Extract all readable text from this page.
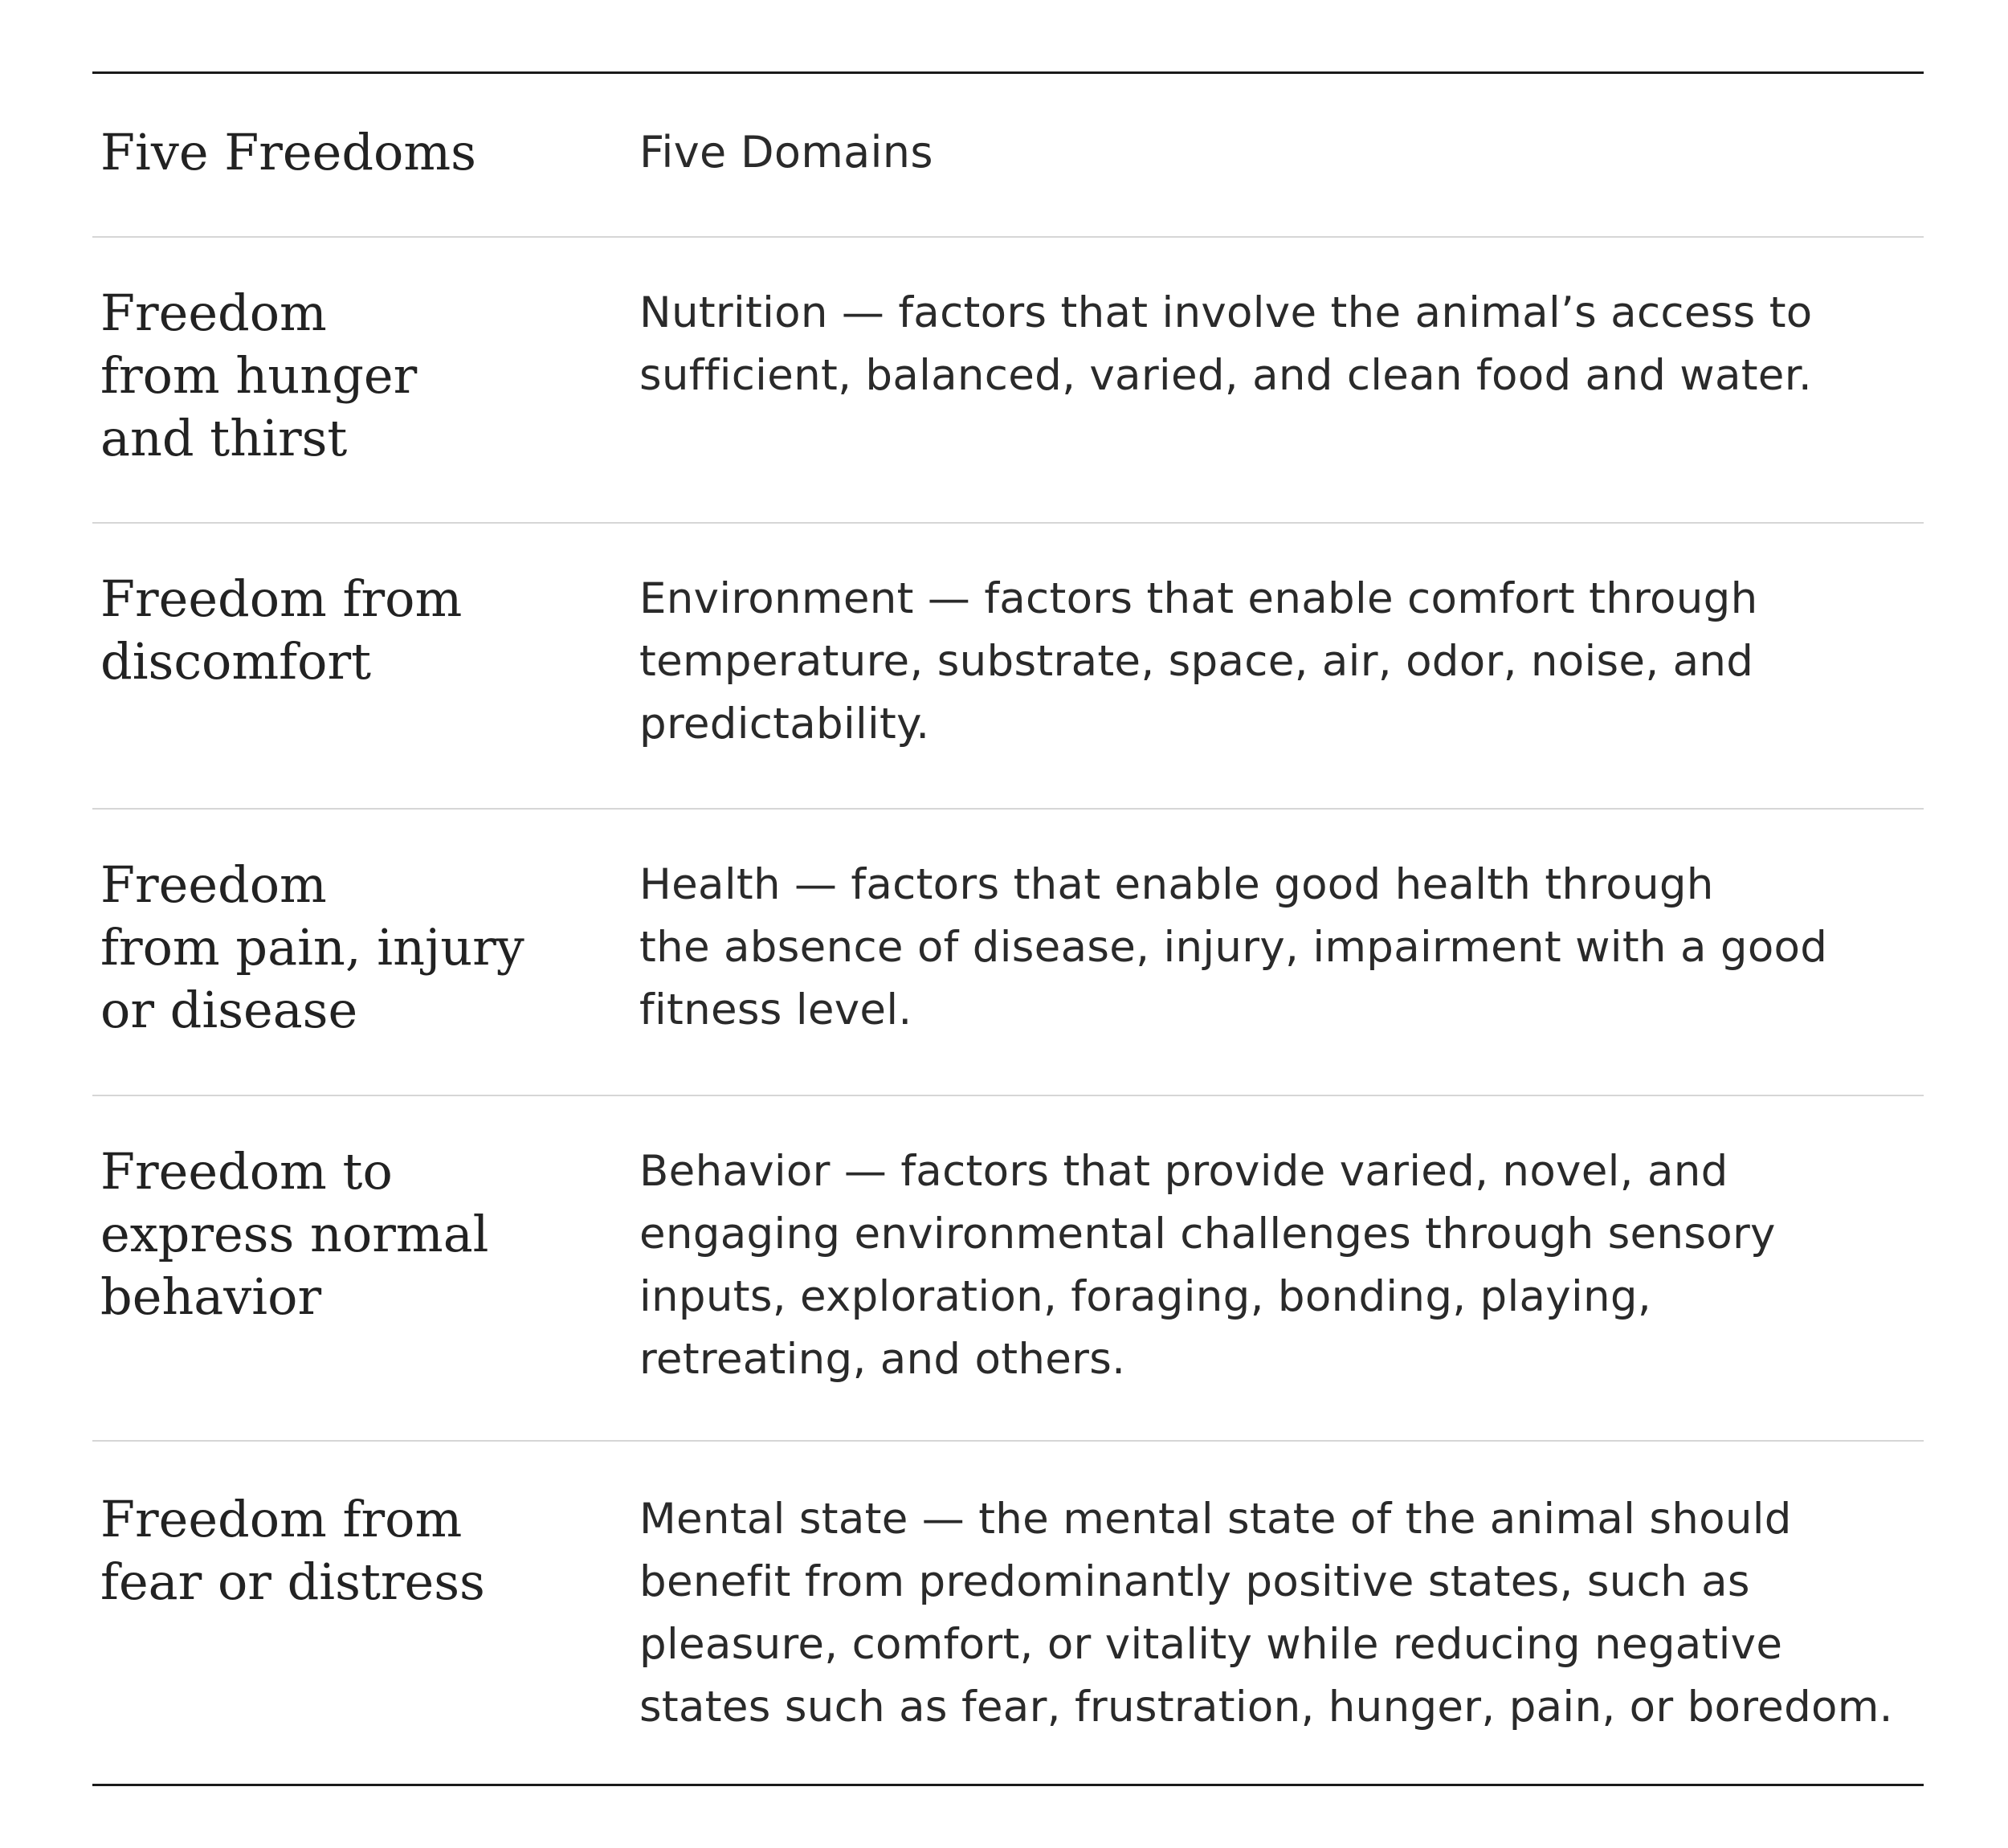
Five Freedoms	Five Domains
Freedom
from hunger
and thirst
Nutrition — factors that involve the animal’s access to
sufficient, balanced, varied, and clean food and water.
Freedom from
discomfort
Environment — factors that enable comfort through
temperature, substrate, space, air, odor, noise, and
predictability.
Freedom
from pain, injury
or disease
Health — factors that enable good health through
the absence of disease, injury, impairment with a good
fitness level.
Freedom to
express normal
behavior
Behavior — factors that provide varied, novel, and
engaging environmental challenges through sensory
inputs, exploration, foraging, bonding, playing,
retreating, and others.
Freedom from
fear or distress
Mental state — the mental state of the animal should
benefit from predominantly positive states, such as
pleasure, comfort, or vitality while reducing negative
states such as fear, frustration, hunger, pain, or boredom.
